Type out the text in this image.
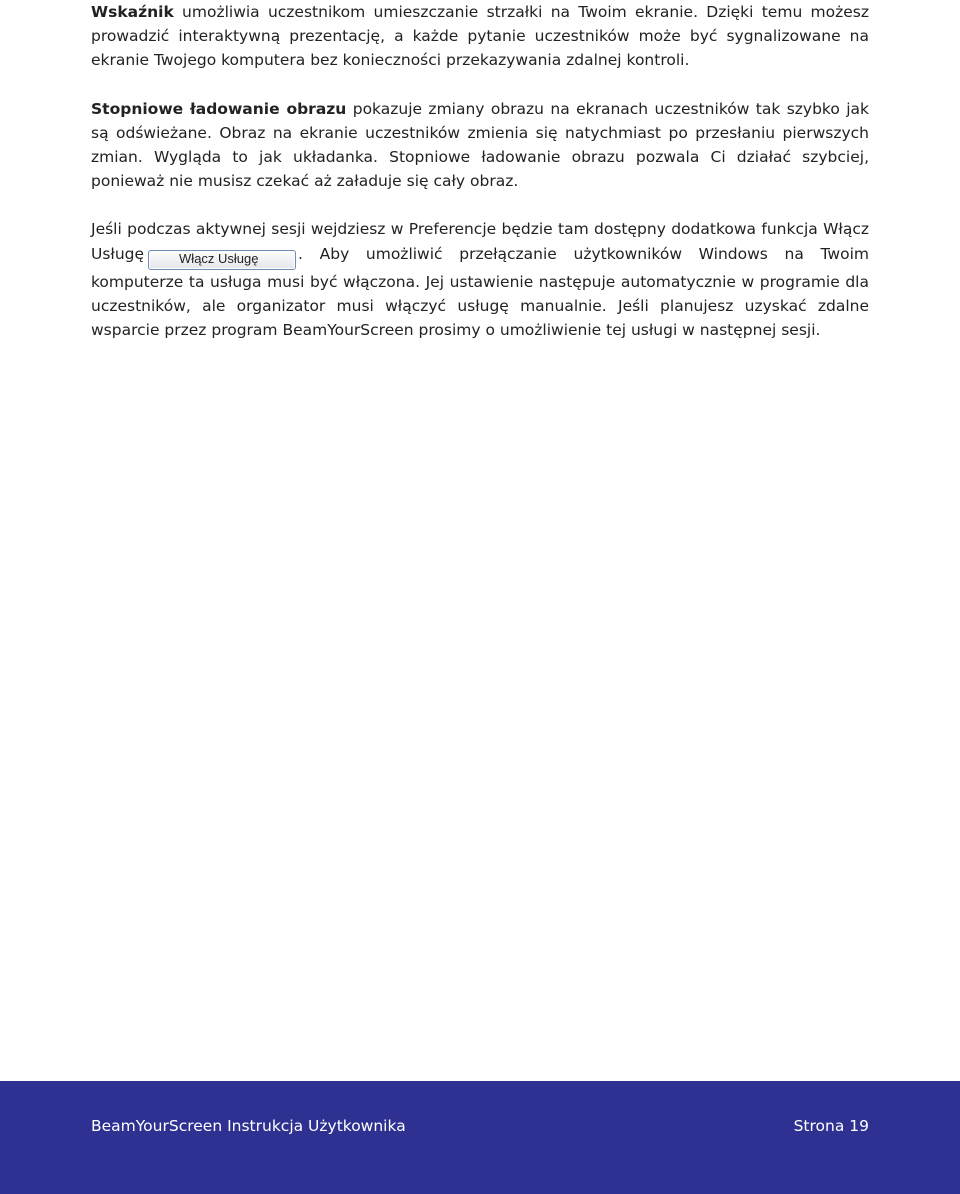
Wskaźnik umożliwia uczestnikom umieszczanie strzałki na Twoim ekranie. Dzięki temu możesz prowadzić interaktywną prezentację, a każde pytanie uczestników może być sygnalizowane na ekranie Twojego komputera bez konieczności przekazywania zdalnej kontroli.

Stopniowe ładowanie obrazu pokazuje zmiany obrazu na ekranach uczestników tak szybko jak są odświeżane. Obraz na ekranie uczestników zmienia się natychmiast po przesłaniu pierwszych zmian. Wygląda to jak układanka. Stopniowe ładowanie obrazu pozwala Ci działać szybciej, ponieważ nie musisz czekać aż załaduje się cały obraz.

Jeśli podczas aktywnej sesji wejdziesz w Preferencje będzie tam dostępny dodatkowa funkcja Włącz Usługę	Włącz Usługę	. Aby umożliwić przełączanie użytkowników Windows na Twoim komputerze ta usługa musi być włączona. Jej ustawienie następuje automatycznie w programie dla uczestników, ale organizator musi włączyć usługę manualnie. Jeśli planujesz uzyskać zdalne wsparcie przez program BeamYourScreen prosimy o umożliwienie tej usługi w następnej sesji.

BeamYourScreen Instrukcja Użytkownika	Strona 19
